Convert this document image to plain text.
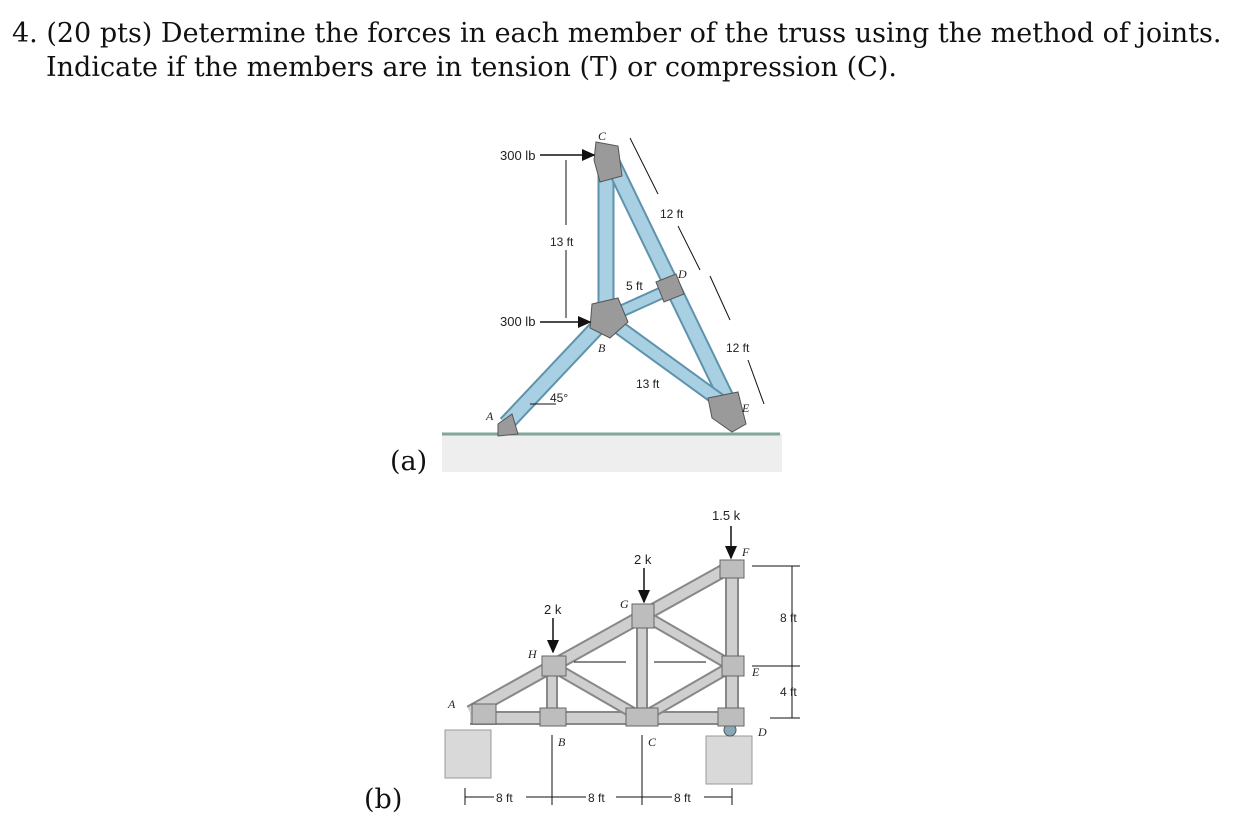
4. (20 pts) Determine the forces in each member of the truss using the method of joints.
Indicate if the members are in tension (T) or compression (C).
(a)
(b)
300 lb
300 lb
13 ft
12 ft
12 ft
5 ft
13 ft
45°
C
B
D
E
A
2 k
2 k
1.5 k
8 ft
4 ft
8 ft	8 ft	8 ft
A
B	C
D
E
F
G
H
